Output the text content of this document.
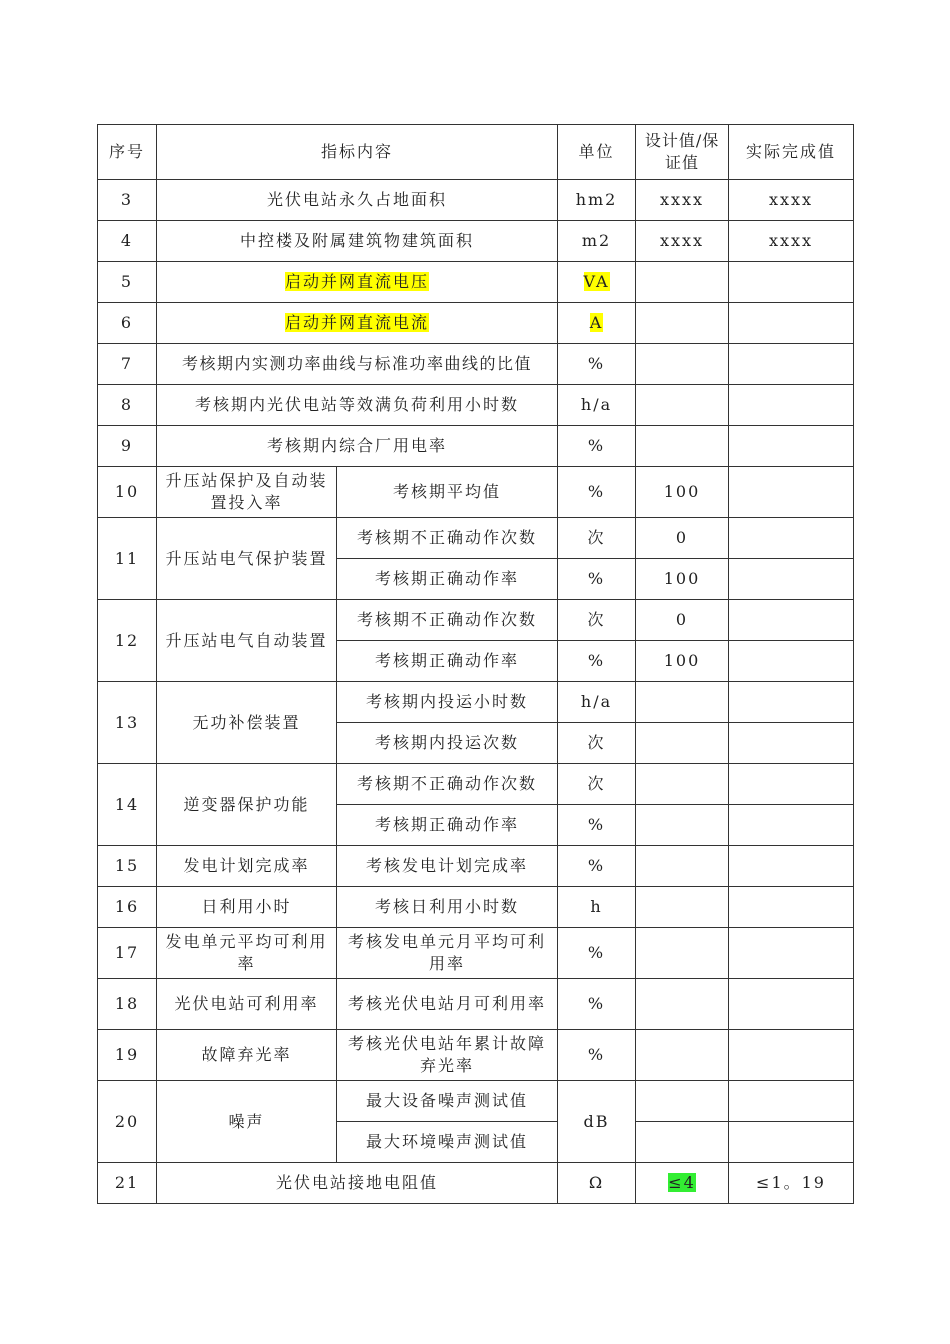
序号	指标内容		单位	设计值/保证值	实际完成值
3	光伏电站永久占地面积		hm2	xxxx	xxxx
4	中控楼及附属建筑物建筑面积		m2	xxxx	xxxx
5	启动并网直流电压		VA		
6	启动并网直流电流		A		
7	考核期内实测功率曲线与标准功率曲线的比值		%		
8	考核期内光伏电站等效满负荷利用小时数		h/a		
9	考核期内综合厂用电率		%		
10	升压站保护及自动装置投入率	考核期平均值	%	100	
11	升压站电气保护装置	考核期不正确动作次数	次	0	
		考核期正确动作率	%	100	
12	升压站电气自动装置	考核期不正确动作次数	次	0	
		考核期正确动作率	%	100	
13	无功补偿装置	考核期内投运小时数	h/a		
		考核期内投运次数	次		
14	逆变器保护功能	考核期不正确动作次数	次		
		考核期正确动作率	%		
15	发电计划完成率	考核发电计划完成率	%		
16	日利用小时	考核日利用小时数	h		
17	发电单元平均可利用率	考核发电单元月平均可利用率	%		
18	光伏电站可利用率	考核光伏电站月可利用率	%		
19	故障弃光率	考核光伏电站年累计故障弃光率	%		
20	噪声	最大设备噪声测试值	dB		
		最大环境噪声测试值			
21	光伏电站接地电阻值		Ω	≤4	≤1。19
